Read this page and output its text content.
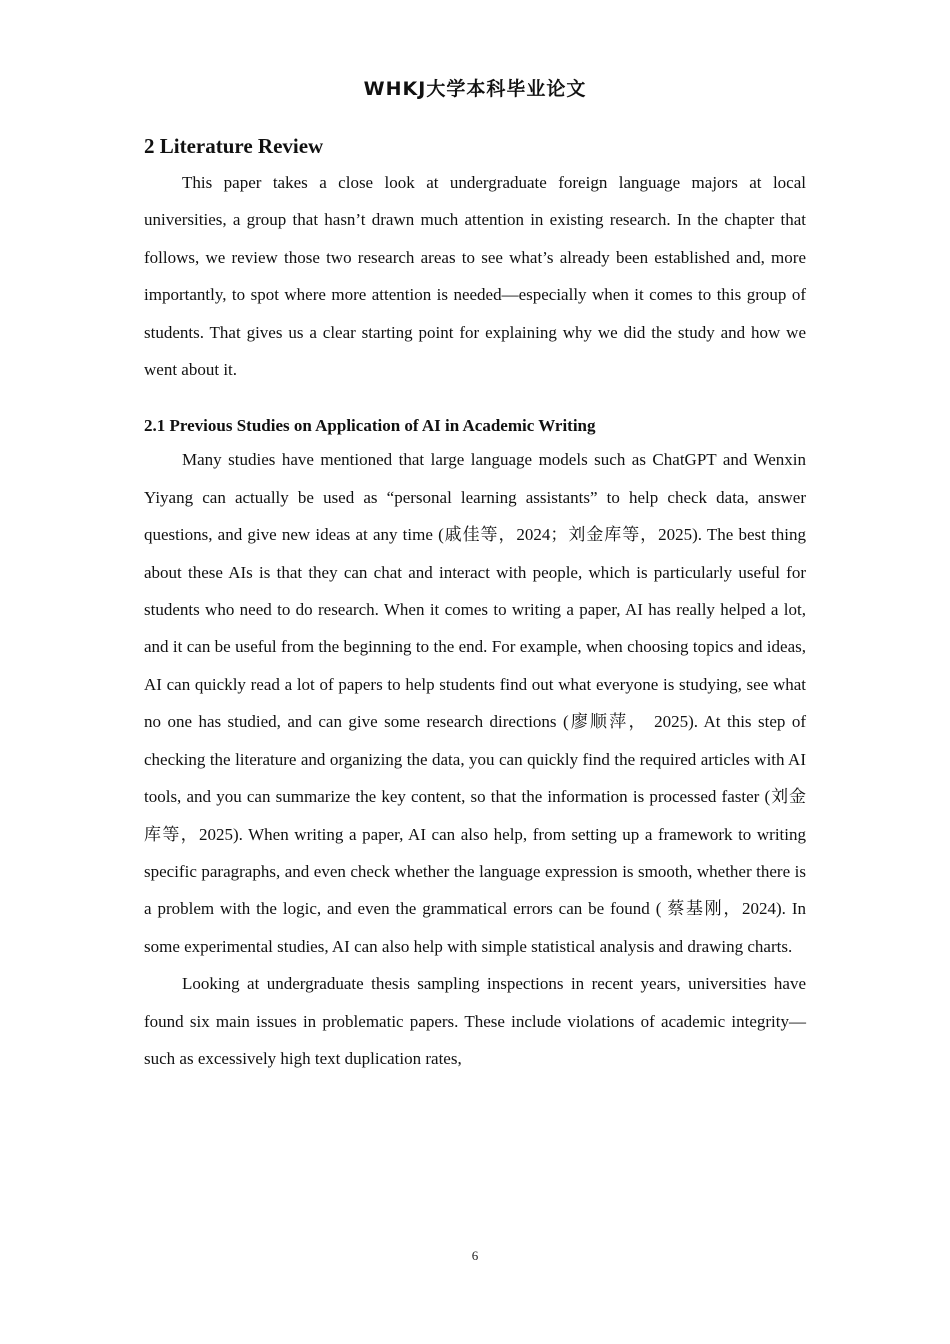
WHKJ大学本科毕业论文
2 Literature Review

This paper takes a close look at undergraduate foreign language majors at local universities, a group that hasn’t drawn much attention in existing research. In the chapter that follows, we review those two research areas to see what’s already been established and, more importantly, to spot where more attention is needed—especially when it comes to this group of students. That gives us a clear starting point for explaining why we did the study and how we went about it.

2.1 Previous Studies on Application of AI in Academic Writing

Many studies have mentioned that large language models such as ChatGPT and Wenxin Yiyang can actually be used as “personal learning assistants” to help check data, answer questions, and give new ideas at any time (戚佳等，2024；刘金库等，2025). The best thing about these AIs is that they can chat and interact with people, which is particularly useful for students who need to do research. When it comes to writing a paper, AI has really helped a lot, and it can be useful from the beginning to the end. For example, when choosing topics and ideas, AI can quickly read a lot of papers to help students find out what everyone is studying, see what no one has studied, and can give some research directions (廖顺萍， 2025). At this step of checking the literature and organizing the data, you can quickly find the required articles with AI tools, and you can summarize the key content, so that the information is processed faster (刘金库等，2025). When writing a paper, AI can also help, from setting up a framework to writing specific paragraphs, and even check whether the language expression is smooth, whether there is a problem with the logic, and even the grammatical errors can be found ( 蔡基刚，2024). In some experimental studies, AI can also help with simple statistical analysis and drawing charts.

Looking at undergraduate thesis sampling inspections in recent years, universities have found six main issues in problematic papers. These include violations of academic integrity—such as excessively high text duplication rates,

6
